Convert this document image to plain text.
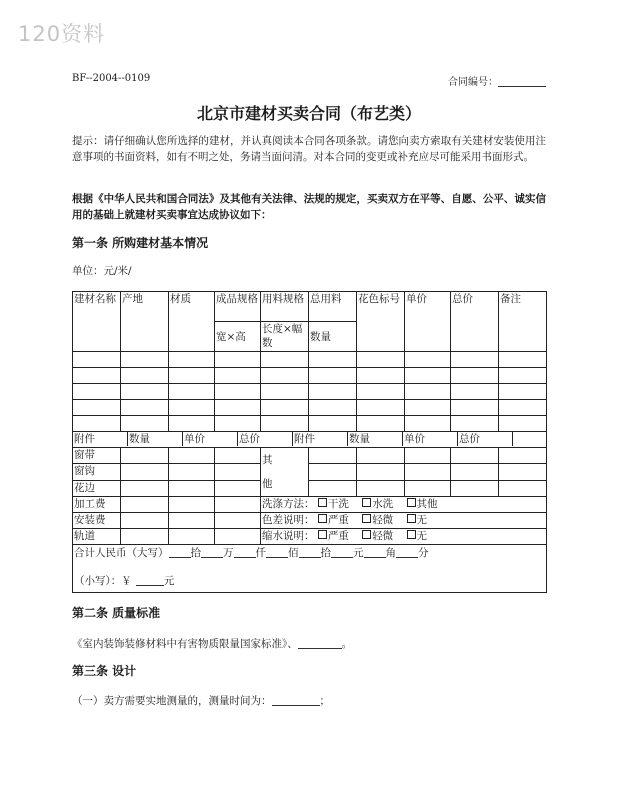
120资料
BF--2004--0109	合同编号：
北京市建材买卖合同（布艺类）
提示：请仔细确认您所选择的建材，并认真阅读本合同各项条款。请您向卖方索取有关建材安装使用注意事项的书面资料，如有不明之处，务请当面问清。对本合同的变更或补充应尽可能采用书面形式。
根据《中华人民共和国合同法》及其他有关法律、法规的规定，买卖双方在平等、自愿、公平、诚实信用的基础上就建材买卖事宜达成协议如下：
第一条 所购建材基本情况
单位：元/米/
建材名称	产地	材质	成品规格	用料规格	总用料	花色标号	单价	总价	备注
宽×高	长度×幅数	数量

附件	数量	单价	总价	附件	数量	单价	总价	

窗带				其
他					
窗钩								
花边								
加工费				洗涤方法： 干洗 水洗 其他
安装费				色差说明： 严重 轻微 无
轨道				缩水说明： 严重 轻微 无

合计人民币（大写） 拾 万 仟 佰 拾 元 角 分
（小写）：￥	元
第二条 质量标准
《室内装饰装修材料中有害物质限量国家标准》、	。
第三条 设计
（一）卖方需要实地测量的，测量时间为：	；
